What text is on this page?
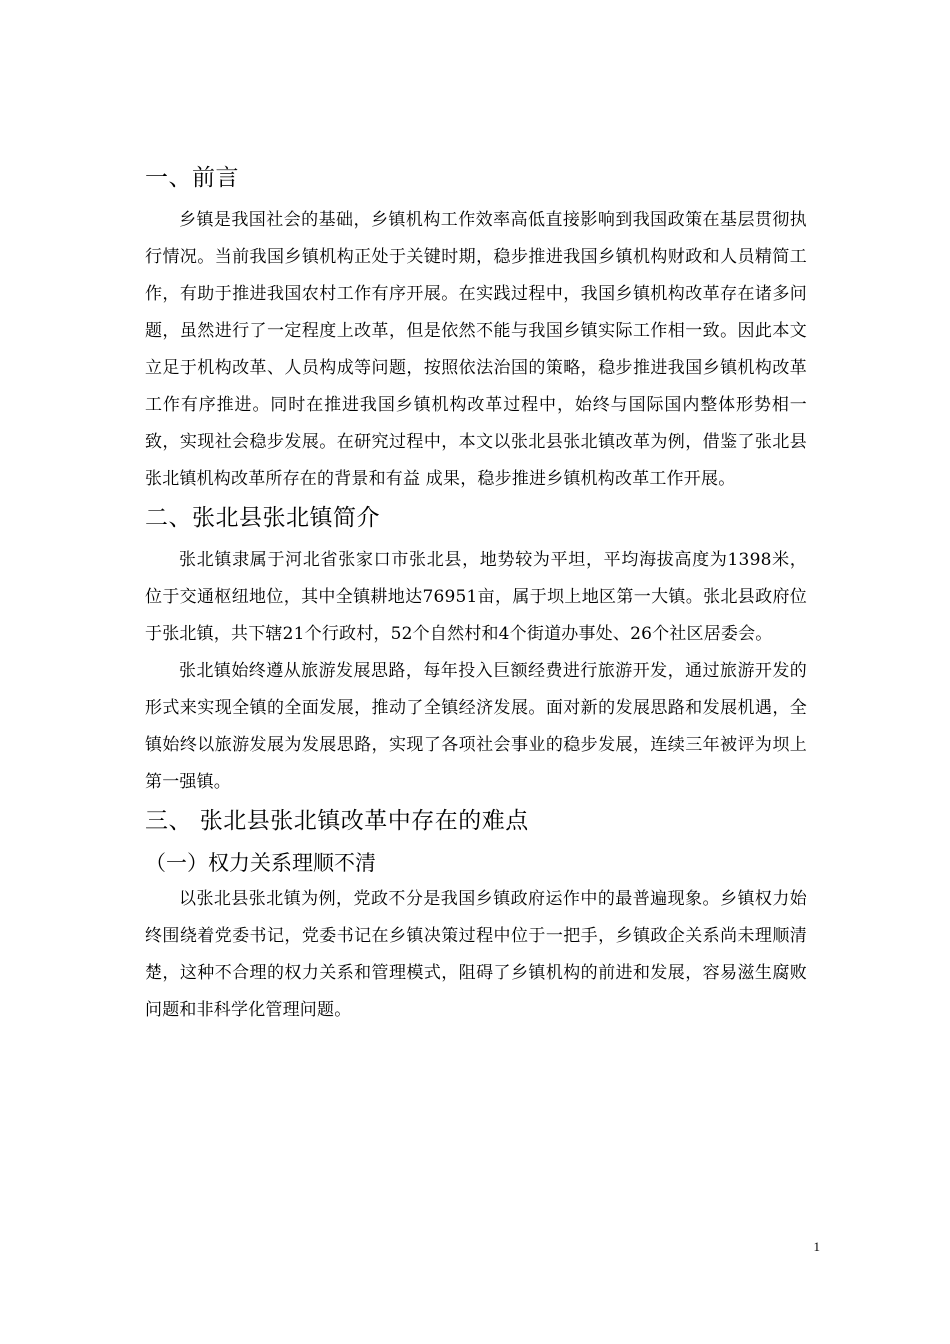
一、前言

乡镇是我国社会的基础，乡镇机构工作效率高低直接影响到我国政策在基层贯彻执行情况。当前我国乡镇机构正处于关键时期，稳步推进我国乡镇机构财政和人员精简工作，有助于推进我国农村工作有序开展。在实践过程中，我国乡镇机构改革存在诸多问题，虽然进行了一定程度上改革，但是依然不能与我国乡镇实际工作相一致。因此本文立足于机构改革、人员构成等问题，按照依法治国的策略，稳步推进我国乡镇机构改革工作有序推进。同时在推进我国乡镇机构改革过程中，始终与国际国内整体形势相一致，实现社会稳步发展。在研究过程中，本文以张北县张北镇改革为例，借鉴了张北县张北镇机构改革所存在的背景和有益 成果，稳步推进乡镇机构改革工作开展。

二、张北县张北镇简介

张北镇隶属于河北省张家口市张北县，地势较为平坦，平均海拔高度为1398米，位于交通枢纽地位，其中全镇耕地达76951亩，属于坝上地区第一大镇。张北县政府位于张北镇，共下辖21个行政村，52个自然村和4个街道办事处、26个社区居委会。

张北镇始终遵从旅游发展思路，每年投入巨额经费进行旅游开发，通过旅游开发的形式来实现全镇的全面发展，推动了全镇经济发展。面对新的发展思路和发展机遇，全镇始终以旅游发展为发展思路，实现了各项社会事业的稳步发展，连续三年被评为坝上第一强镇。

三、 张北县张北镇改革中存在的难点
（一）权力关系理顺不清

以张北县张北镇为例，党政不分是我国乡镇政府运作中的最普遍现象。乡镇权力始终围绕着党委书记，党委书记在乡镇决策过程中位于一把手，乡镇政企关系尚未理顺清楚，这种不合理的权力关系和管理模式，阻碍了乡镇机构的前进和发展，容易滋生腐败问题和非科学化管理问题。

1
